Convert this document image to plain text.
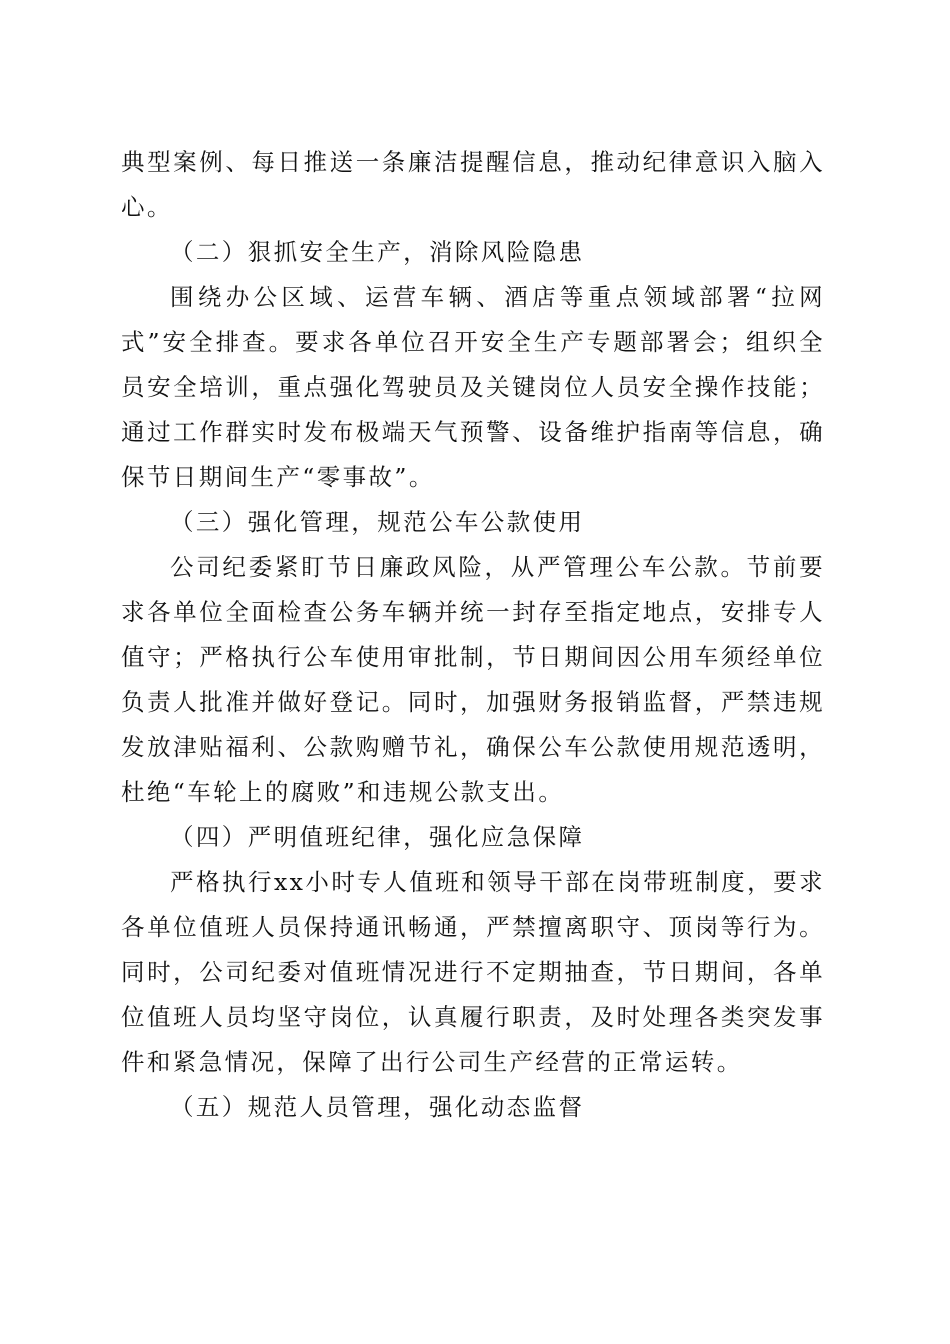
典型案例、每日推送一条廉洁提醒信息，推动纪律意识入脑入心。

（二）狠抓安全生产，消除风险隐患

围绕办公区域、运营车辆、酒店等重点领域部署“拉网式”安全排查。要求各单位召开安全生产专题部署会；组织全员安全培训，重点强化驾驶员及关键岗位人员安全操作技能；通过工作群实时发布极端天气预警、设备维护指南等信息，确保节日期间生产“零事故”。

（三）强化管理，规范公车公款使用

公司纪委紧盯节日廉政风险，从严管理公车公款。节前要求各单位全面检查公务车辆并统一封存至指定地点，安排专人值守；严格执行公车使用审批制，节日期间因公用车须经单位负责人批准并做好登记。同时，加强财务报销监督，严禁违规发放津贴福利、公款购赠节礼，确保公车公款使用规范透明，杜绝“车轮上的腐败”和违规公款支出。

（四）严明值班纪律，强化应急保障

严格执行xx小时专人值班和领导干部在岗带班制度，要求各单位值班人员保持通讯畅通，严禁擅离职守、顶岗等行为。同时，公司纪委对值班情况进行不定期抽查，节日期间，各单位值班人员均坚守岗位，认真履行职责，及时处理各类突发事件和紧急情况，保障了出行公司生产经营的正常运转。

（五）规范人员管理，强化动态监督
